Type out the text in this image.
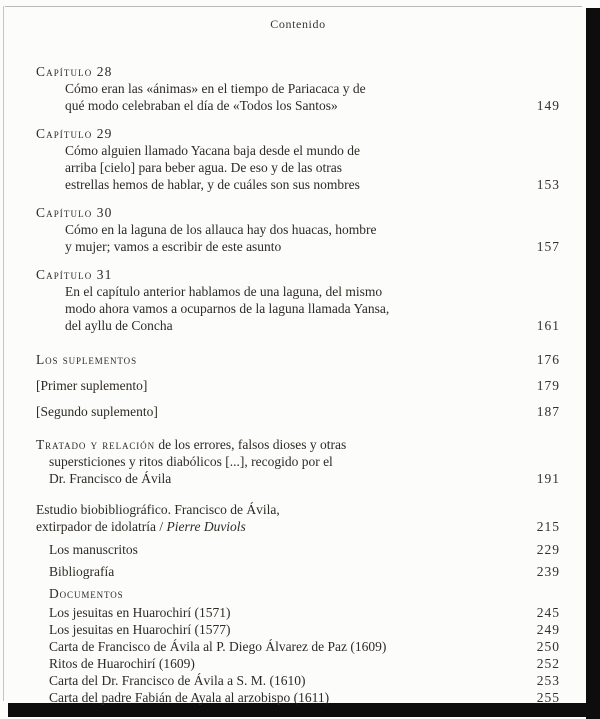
Contenido
Capítulo 28
Cómo eran las «ánimas» en el tiempo de Pariacaca y de
qué modo celebraban el día de «Todos los Santos»	149
Capítulo 29
Cómo alguien llamado Yacana baja desde el mundo de
arriba [cielo] para beber agua. De eso y de las otras
estrellas hemos de hablar, y de cuáles son sus nombres	153
Capítulo 30
Cómo en la laguna de los allauca hay dos huacas, hombre
y mujer; vamos a escribir de este asunto	157
Capítulo 31
En el capítulo anterior hablamos de una laguna, del mismo
modo ahora vamos a ocuparnos de la laguna llamada Yansa,
del ayllu de Concha	161
Los suplementos	176
[Primer suplemento]	179
[Segundo suplemento]	187
Tratado y relación de los errores, falsos dioses y otras
supersticiones y ritos diabólicos [...], recogido por el
Dr. Francisco de Ávila	191
Estudio biobibliográfico. Francisco de Ávila,
extirpador de idolatría / Pierre Duviols	215
Los manuscritos	229
Bibliografía	239
Documentos
Los jesuitas en Huarochirí (1571)	245
Los jesuitas en Huarochirí (1577)	249
Carta de Francisco de Ávila al P. Diego Álvarez de Paz (1609)	250
Ritos de Huarochirí (1609)	252
Carta del Dr. Francisco de Ávila a S. M. (1610)	253
Carta del padre Fabián de Ayala al arzobispo (1611)	255
